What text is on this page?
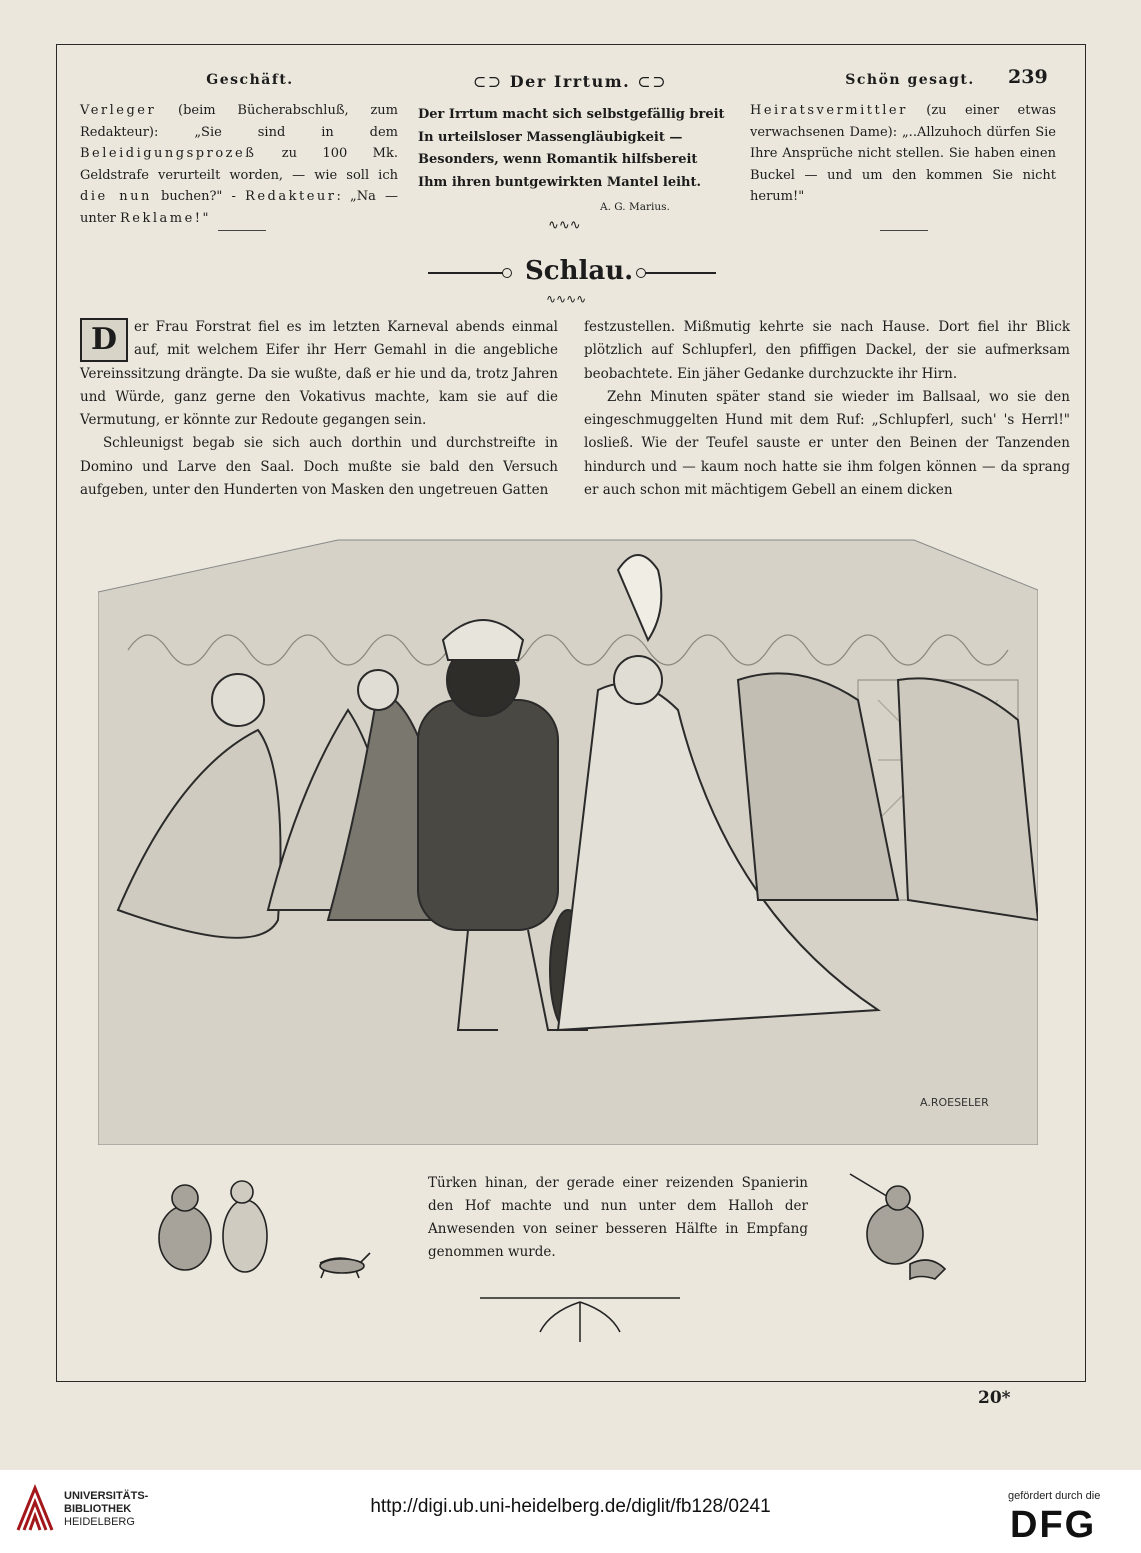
239
Geschäft.
Verleger (beim Bücherabschluß, zum Redakteur): „Sie sind in dem Beleidigungsprozeß zu 100 Mk. Geldstrafe verurteilt worden, — wie soll ich die nun buchen?" - Redakteur: „Na — unter Reklame!"
⊂⊃ Der Irrtum. ⊂⊃
Der Irrtum macht sich selbstgefällig breit
In urteilsloser Massengläubigkeit —
Besonders, wenn Romantik hilfsbereit
Ihm ihren buntgewirkten Mantel leiht.
A. G. Marius.
∿∿∿
Schön gesagt.
Heiratsvermittler (zu einer etwas verwachsenen Dame): „..Allzuhoch dürfen Sie Ihre Ansprüche nicht stellen. Sie haben einen Buckel — und um den kommen Sie nicht herum!"
Schlau.
∿∿∿∿

D	er Frau Forstrat fiel es im letzten Karneval abends einmal auf, mit welchem Eifer ihr Herr Gemahl in die angebliche Vereinssitzung drängte. Da sie wußte, daß er hie und da, trotz Jahren und Würde, ganz gerne den Vokativus machte, kam sie auf die Vermutung, er könnte zur Redoute gegangen sein.

Schleunigst begab sie sich auch dorthin und durchstreifte in Domino und Larve den Saal. Doch mußte sie bald den Versuch aufgeben, unter den Hunderten von Masken den ungetreuen Gatten

festzustellen. Mißmutig kehrte sie nach Hause. Dort fiel ihr Blick plötzlich auf Schlupferl, den pfiffigen Dackel, der sie aufmerksam beobachtete. Ein jäher Gedanke durchzuckte ihr Hirn.

Zehn Minuten später stand sie wieder im Ballsaal, wo sie den eingeschmuggelten Hund mit dem Ruf: „Schlupferl, such' 's Herrl!" losließ. Wie der Teufel sauste er unter den Beinen der Tanzenden hindurch und — kaum noch hatte sie ihm folgen können — da sprang er auch schon mit mächtigem Gebell an einem dicken

A.ROESELER
Türken hinan, der gerade einer reizenden Spanierin den Hof machte und nun unter dem Halloh der Anwesenden von seiner besseren Hälfte in Empfang genommen wurde.
20*
UNIVERSITÄTS-
BIBLIOTHEK
HEIDELBERG
http://digi.ub.uni-heidelberg.de/diglit/fb128/0241	gefördert durch die
DFG
